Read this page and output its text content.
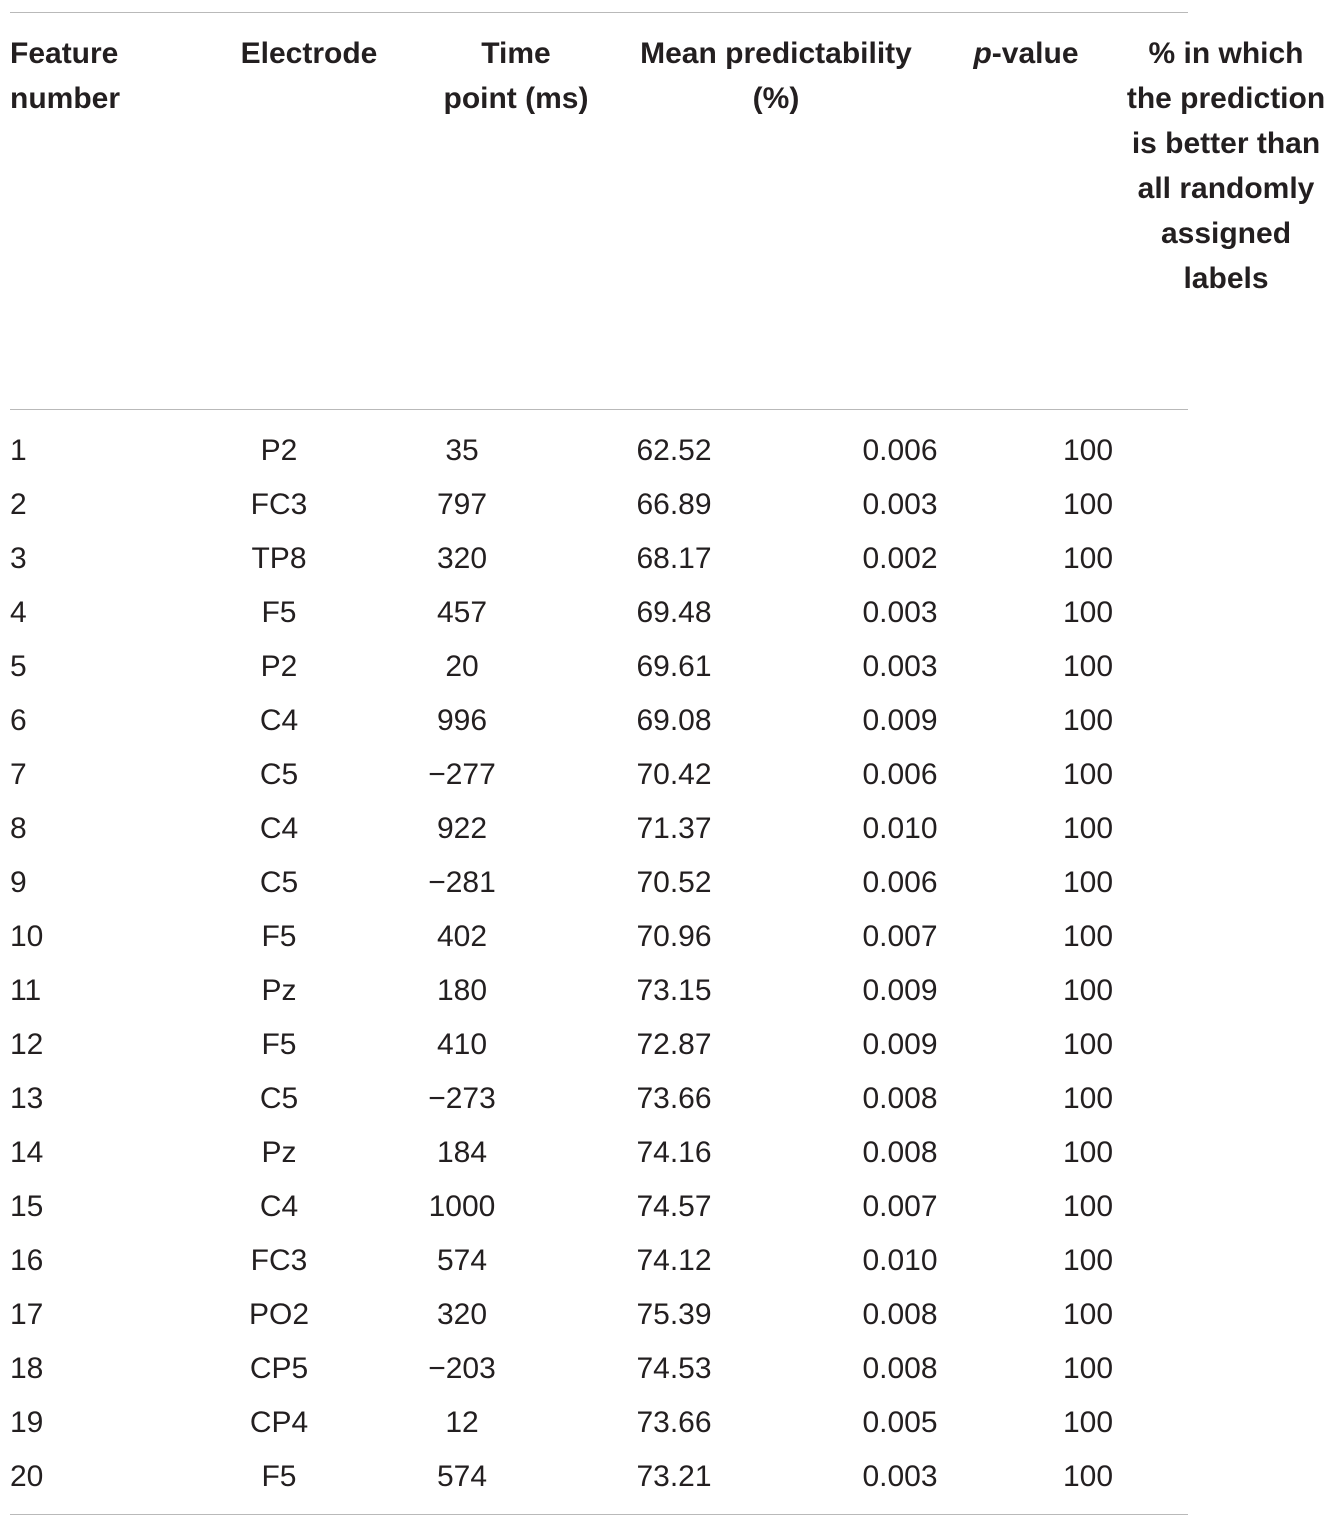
Feature number	Electrode	Time point (ms)	Mean predictability (%)	p-value	% in which the prediction is better than all randomly assigned labels
1	P2	35	62.52	0.006	100
2	FC3	797	66.89	0.003	100
3	TP8	320	68.17	0.002	100
4	F5	457	69.48	0.003	100
5	P2	20	69.61	0.003	100
6	C4	996	69.08	0.009	100
7	C5	−277	70.42	0.006	100
8	C4	922	71.37	0.010	100
9	C5	−281	70.52	0.006	100
10	F5	402	70.96	0.007	100
11	Pz	180	73.15	0.009	100
12	F5	410	72.87	0.009	100
13	C5	−273	73.66	0.008	100
14	Pz	184	74.16	0.008	100
15	C4	1000	74.57	0.007	100
16	FC3	574	74.12	0.010	100
17	PO2	320	75.39	0.008	100
18	CP5	−203	74.53	0.008	100
19	CP4	12	73.66	0.005	100
20	F5	574	73.21	0.003	100
